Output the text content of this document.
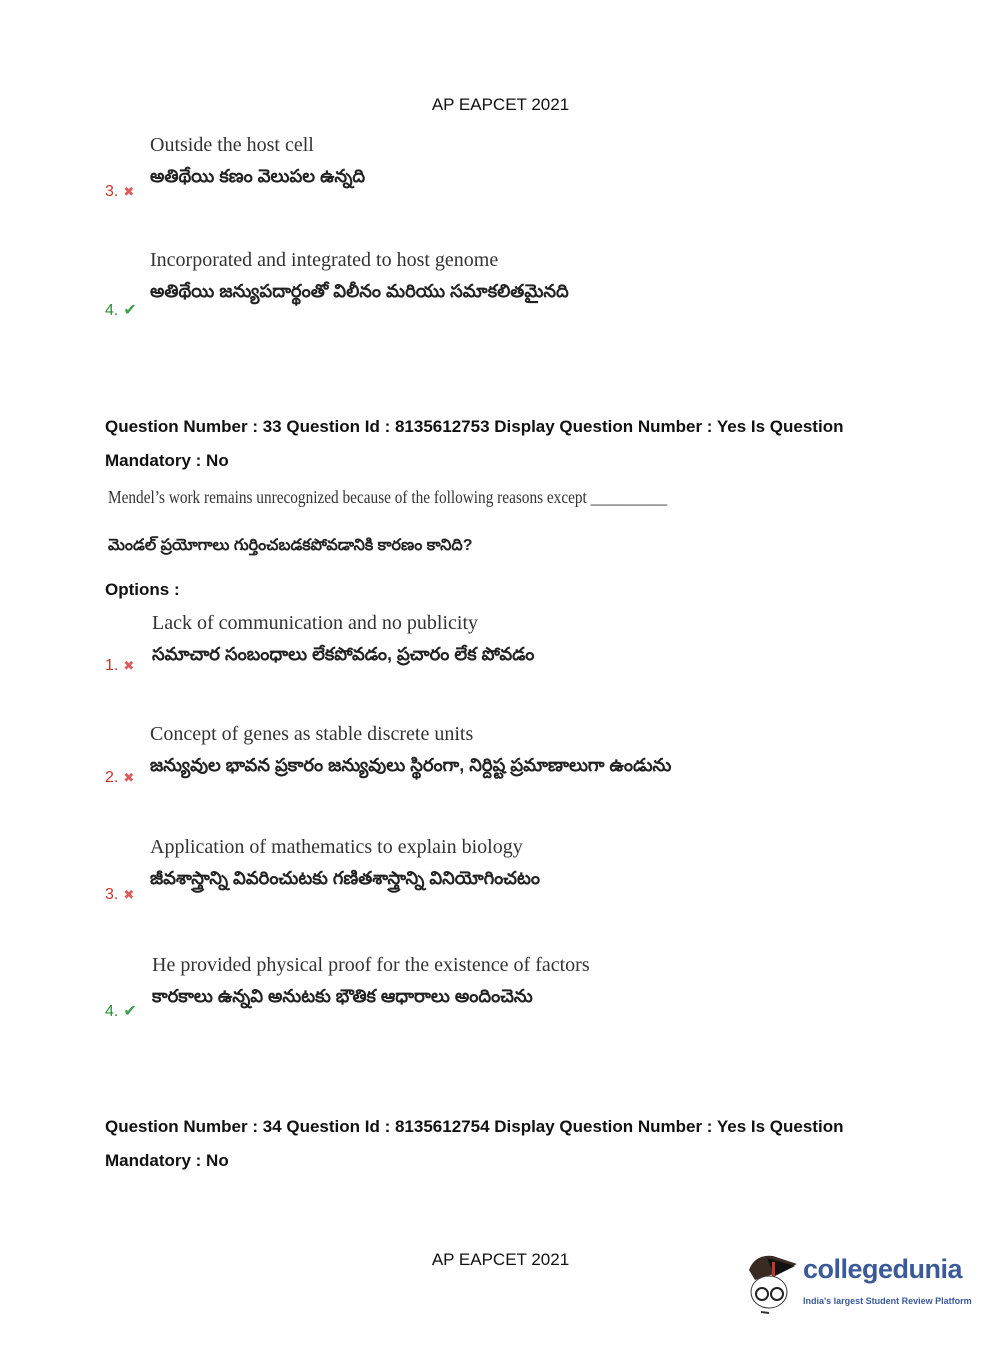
AP EAPCET 2021
Outside the host cell
అతిథేయి కణం వెలుపల ఉన్నది
3. ✖
Incorporated and integrated to host genome
అతిథేయి జన్యుపదార్థంతో విలీనం మరియు సమాకలితమైనది
4. ✔
Question Number : 33 Question Id : 8135612753 Display Question Number : Yes Is Question
Mandatory : No
Mendel’s work remains unrecognized because of the following reasons except __________
మెండల్ ప్రయోగాలు గుర్తించబడకపోవడానికి కారణం కానిది?
Options :
Lack of communication and no publicity
సమాచార సంబంధాలు లేకపోవడం, ప్రచారం లేక పోవడం
1. ✖
Concept of genes as stable discrete units
జన్యువుల భావన ప్రకారం జన్యువులు స్థిరంగా, నిర్దిష్ట ప్రమాణాలుగా ఉండును
2. ✖
Application of mathematics to explain biology
జీవశాస్త్రాన్ని వివరించుటకు గణితశాస్త్రాన్ని వినియోగించటం
3. ✖
He provided physical proof for the existence of factors
కారకాలు ఉన్నవి అనుటకు భౌతిక ఆధారాలు అందించెను
4. ✔
Question Number : 34 Question Id : 8135612754 Display Question Number : Yes Is Question
Mandatory : No
AP EAPCET 2021	collegedunia
India's largest Student Review Platform
